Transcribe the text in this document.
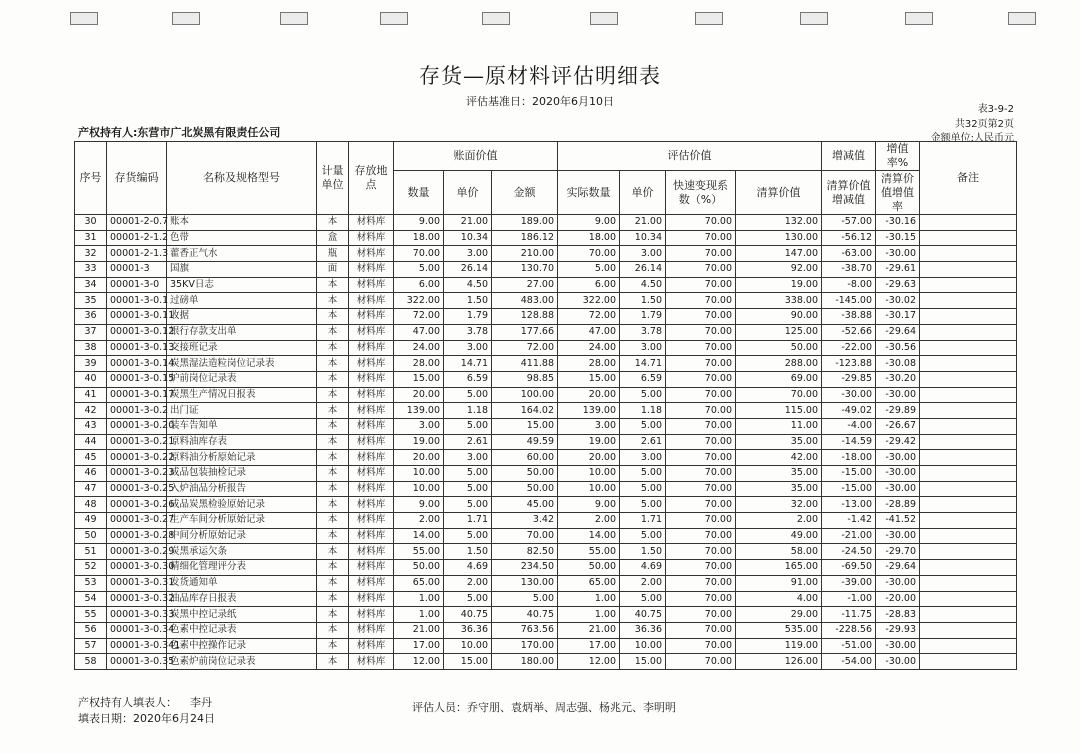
存货—原材料评估明细表
评估基准日：2020年6月10日
表3-9-2
共32页第2页
金额单位:人民币元
产权持有人:东营市广北炭黑有限责任公司
序号	存货编码	名称及规格型号	计量单位	存放地点	账面价值			评估价值				增减值	增值率%	备注
					数量	单价	金额	实际数量	单价	快速变现系数（%）	清算价值	清算价值增减值	清算价值增值率	
30	00001-2-0.7	账本	本	材料库	9.00	21.00	189.00	9.00	21.00	70.00	132.00	-57.00	-30.16	
31	00001-2-1.2	色带	盒	材料库	18.00	10.34	186.12	18.00	10.34	70.00	130.00	-56.12	-30.15	
32	00001-2-1.3	藿香正气水	瓶	材料库	70.00	3.00	210.00	70.00	3.00	70.00	147.00	-63.00	-30.00	
33	00001-3	国旗	面	材料库	5.00	26.14	130.70	5.00	26.14	70.00	92.00	-38.70	-29.61	
34	00001-3-0	35KV日志	本	材料库	6.00	4.50	27.00	6.00	4.50	70.00	19.00	-8.00	-29.63	
35	00001-3-0.1	过磅单	本	材料库	322.00	1.50	483.00	322.00	1.50	70.00	338.00	-145.00	-30.02	
36	00001-3-0.11	收据	本	材料库	72.00	1.79	128.88	72.00	1.79	70.00	90.00	-38.88	-30.17	
37	00001-3-0.12	银行存款支出单	本	材料库	47.00	3.78	177.66	47.00	3.78	70.00	125.00	-52.66	-29.64	
38	00001-3-0.13	交接班记录	本	材料库	24.00	3.00	72.00	24.00	3.00	70.00	50.00	-22.00	-30.56	
39	00001-3-0.14	炭黑湿法造粒岗位记录表	本	材料库	28.00	14.71	411.88	28.00	14.71	70.00	288.00	-123.88	-30.08	
40	00001-3-0.15	炉前岗位记录表	本	材料库	15.00	6.59	98.85	15.00	6.59	70.00	69.00	-29.85	-30.20	
41	00001-3-0.17	炭黑生产情况日报表	本	材料库	20.00	5.00	100.00	20.00	5.00	70.00	70.00	-30.00	-30.00	
42	00001-3-0.2	出门证	本	材料库	139.00	1.18	164.02	139.00	1.18	70.00	115.00	-49.02	-29.89	
43	00001-3-0.20	装车告知单	本	材料库	3.00	5.00	15.00	3.00	5.00	70.00	11.00	-4.00	-26.67	
44	00001-3-0.21	原料油库存表	本	材料库	19.00	2.61	49.59	19.00	2.61	70.00	35.00	-14.59	-29.42	
45	00001-3-0.22	原料油分析原始记录	本	材料库	20.00	3.00	60.00	20.00	3.00	70.00	42.00	-18.00	-30.00	
46	00001-3-0.23	成品包装抽检记录	本	材料库	10.00	5.00	50.00	10.00	5.00	70.00	35.00	-15.00	-30.00	
47	00001-3-0.25	入炉油品分析报告	本	材料库	10.00	5.00	50.00	10.00	5.00	70.00	35.00	-15.00	-30.00	
48	00001-3-0.26	成品炭黑检验原始记录	本	材料库	9.00	5.00	45.00	9.00	5.00	70.00	32.00	-13.00	-28.89	
49	00001-3-0.27	生产车间分析原始记录	本	材料库	2.00	1.71	3.42	2.00	1.71	70.00	2.00	-1.42	-41.52	
50	00001-3-0.28	中间分析原始记录	本	材料库	14.00	5.00	70.00	14.00	5.00	70.00	49.00	-21.00	-30.00	
51	00001-3-0.29	炭黑承运欠条	本	材料库	55.00	1.50	82.50	55.00	1.50	70.00	58.00	-24.50	-29.70	
52	00001-3-0.30	精细化管理评分表	本	材料库	50.00	4.69	234.50	50.00	4.69	70.00	165.00	-69.50	-29.64	
53	00001-3-0.31	发货通知单	本	材料库	65.00	2.00	130.00	65.00	2.00	70.00	91.00	-39.00	-30.00	
54	00001-3-0.32	油品库存日报表	本	材料库	1.00	5.00	5.00	1.00	5.00	70.00	4.00	-1.00	-20.00	
55	00001-3-0.33	炭黑中控记录纸	本	材料库	1.00	40.75	40.75	1.00	40.75	70.00	29.00	-11.75	-28.83	
56	00001-3-0.34	色素中控记录表	本	材料库	21.00	36.36	763.56	21.00	36.36	70.00	535.00	-228.56	-29.93	
57	00001-3-0.341	色素中控操作记录	本	材料库	17.00	10.00	170.00	17.00	10.00	70.00	119.00	-51.00	-30.00	
58	00001-3-0.35	色素炉前岗位记录表	本	材料库	12.00	15.00	180.00	12.00	15.00	70.00	126.00	-54.00	-30.00	
产权持有人填表人： 李丹
填表日期：2020年6月24日
评估人员：乔守朋、袁炳举、周志强、杨兆元、李明明
